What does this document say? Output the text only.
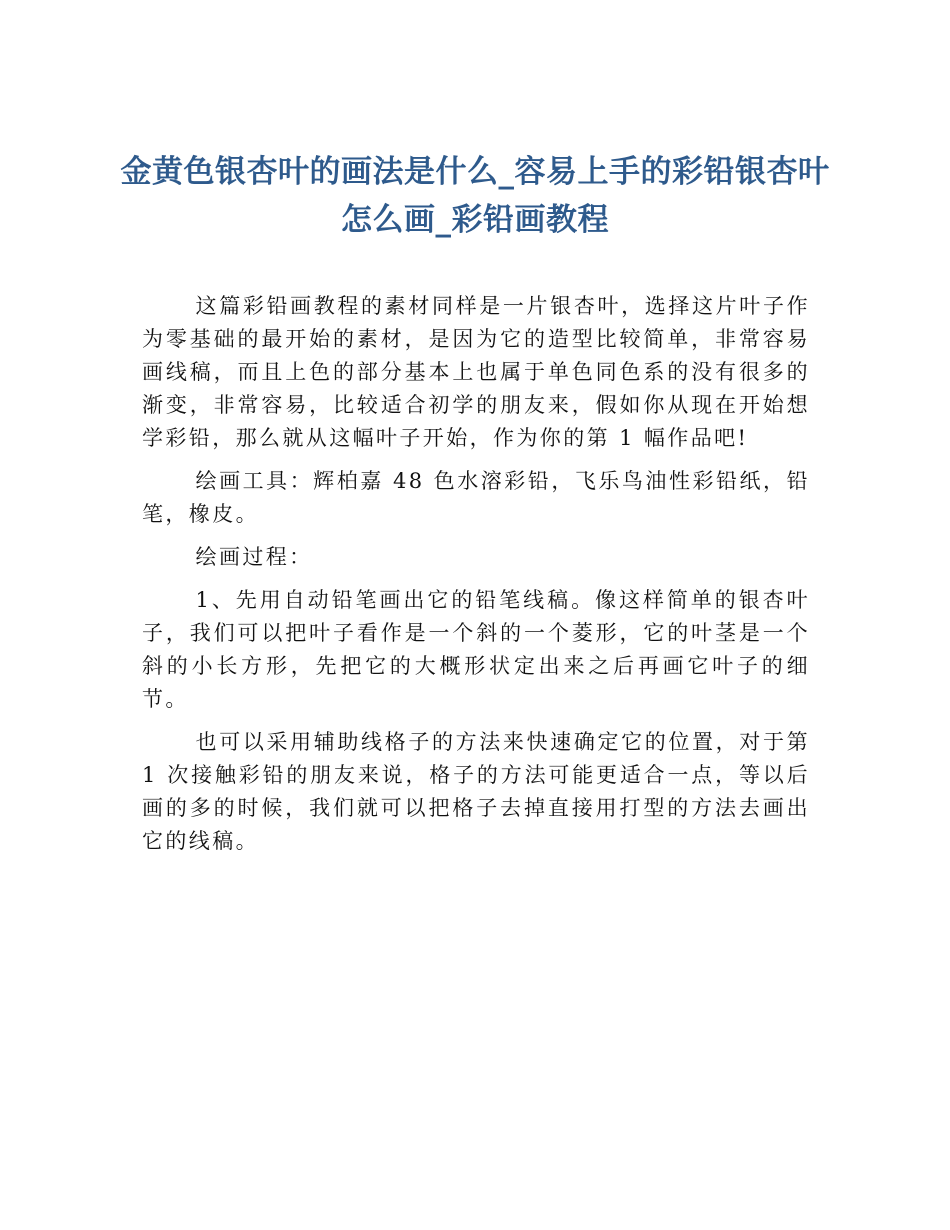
金黄色银杏叶的画法是什么_容易上手的彩铅银杏叶怎么画_彩铅画教程

这篇彩铅画教程的素材同样是一片银杏叶，选择这片叶子作为零基础的最开始的素材，是因为它的造型比较简单，非常容易画线稿，而且上色的部分基本上也属于单色同色系的没有很多的渐变，非常容易，比较适合初学的朋友来，假如你从现在开始想学彩铅，那么就从这幅叶子开始，作为你的第 1 幅作品吧!

绘画工具：辉柏嘉 48 色水溶彩铅，飞乐鸟油性彩铅纸，铅笔，橡皮。

绘画过程：

1、先用自动铅笔画出它的铅笔线稿。像这样简单的银杏叶子，我们可以把叶子看作是一个斜的一个菱形，它的叶茎是一个斜的小长方形，先把它的大概形状定出来之后再画它叶子的细节。

也可以采用辅助线格子的方法来快速确定它的位置，对于第 1 次接触彩铅的朋友来说，格子的方法可能更适合一点，等以后画的多的时候，我们就可以把格子去掉直接用打型的方法去画出它的线稿。
